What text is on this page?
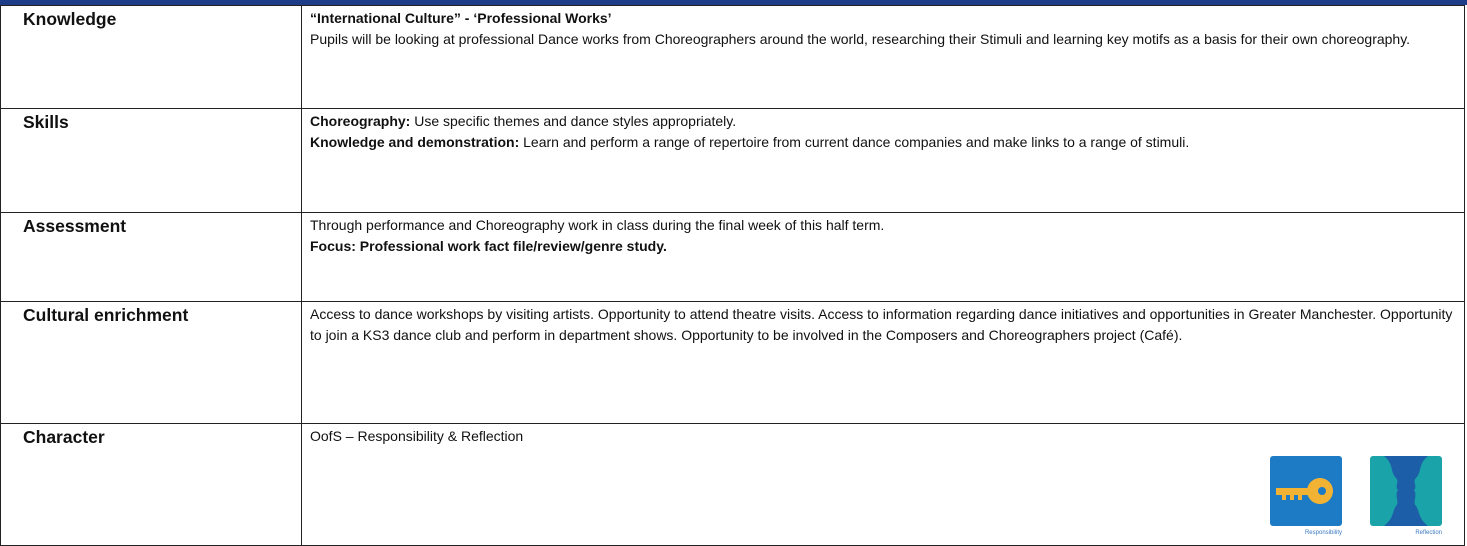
Knowledge	“International Culture” - ‘Professional Works’
Pupils will be looking at professional Dance works from Choreographers around the world, researching their Stimuli and learning key motifs as a basis for their own choreography.

Skills	Choreography: Use specific themes and dance styles appropriately.
Knowledge and demonstration: Learn and perform a range of repertoire from current dance companies and make links to a range of stimuli.

Assessment	Through performance and Choreography work in class during the final week of this half term.
Focus: Professional work fact file/review/genre study.

Cultural enrichment	Access to dance workshops by visiting artists. Opportunity to attend theatre visits. Access to information regarding dance initiatives and opportunities in Greater Manchester. Opportunity to join a KS3 dance club and perform in department shows. Opportunity to be involved in the Composers and Choreographers project (Café).

Character	OofS – Responsibility & Reflection
Responsibility Reflection
